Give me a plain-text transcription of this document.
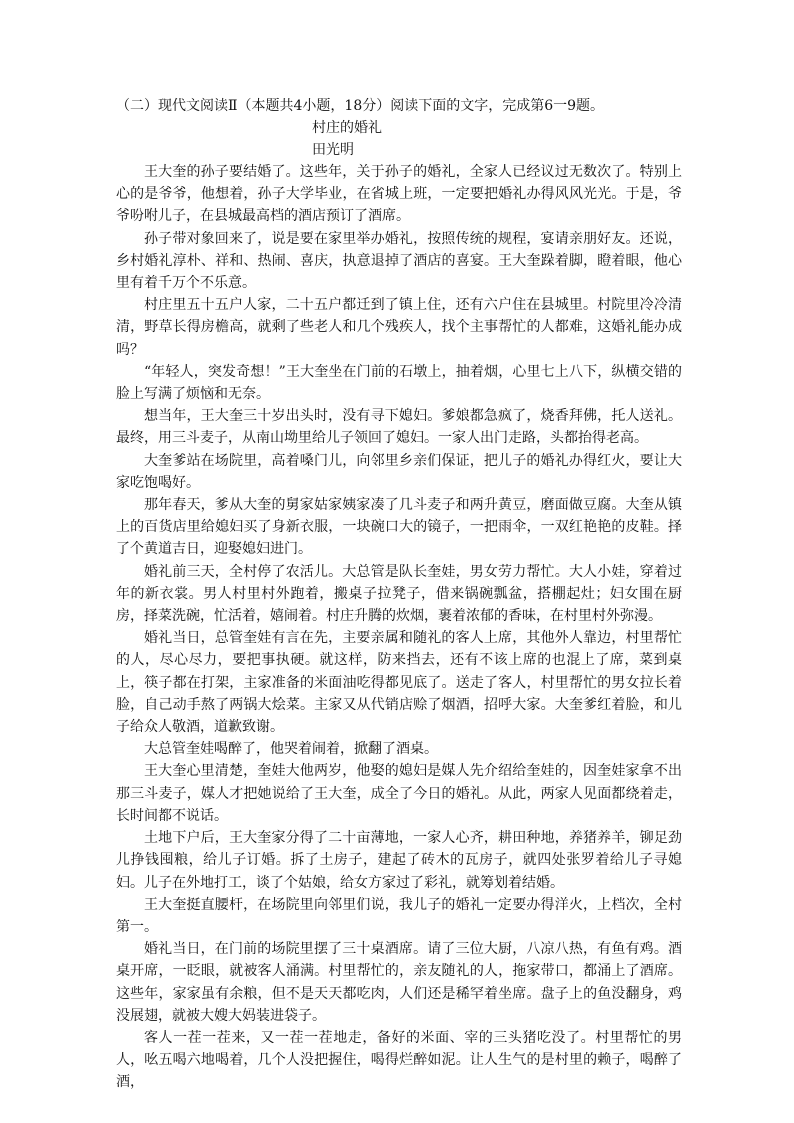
（二）现代文阅读Ⅱ（本题共4小题，18分）阅读下面的文字，完成第6一9题。

村庄的婚礼
田光明

王大奎的孙子要结婚了。这些年，关于孙子的婚礼，全家人已经议过无数次了。特别上心的是爷爷，他想着，孙子大学毕业，在省城上班，一定要把婚礼办得风风光光。于是，爷爷吩咐儿子，在县城最高档的酒店预订了酒席。

孙子带对象回来了，说是要在家里举办婚礼，按照传统的规程，宴请亲朋好友。还说，乡村婚礼淳朴、祥和、热闹、喜庆，执意退掉了酒店的喜宴。王大奎跺着脚，瞪着眼，他心里有着千万个不乐意。

村庄里五十五户人家，二十五户都迁到了镇上住，还有六户住在县城里。村院里冷冷清清，野草长得房檐高，就剩了些老人和几个残疾人，找个主事帮忙的人都难，这婚礼能办成吗？

“年轻人，突发奇想！”王大奎坐在门前的石墩上，抽着烟，心里七上八下，纵横交错的脸上写满了烦恼和无奈。

想当年，王大奎三十岁出头时，没有寻下媳妇。爹娘都急疯了，烧香拜佛，托人送礼。最终，用三斗麦子，从南山坳里给儿子领回了媳妇。一家人出门走路，头都抬得老高。

大奎爹站在场院里，高着嗓门儿，向邻里乡亲们保证，把儿子的婚礼办得红火，要让大家吃饱喝好。

那年春天，爹从大奎的舅家姑家姨家凑了几斗麦子和两升黄豆，磨面做豆腐。大奎从镇上的百货店里给媳妇买了身新衣服，一块碗口大的镜子，一把雨伞，一双红艳艳的皮鞋。择了个黄道吉日，迎娶媳妇进门。

婚礼前三天，全村停了农活儿。大总管是队长奎娃，男女劳力帮忙。大人小娃，穿着过年的新衣裳。男人村里村外跑着，搬桌子拉凳子，借来锅碗瓢盆，搭棚起灶；妇女围在厨房，择菜洗碗，忙活着，嬉闹着。村庄升腾的炊烟，裹着浓郁的香味，在村里村外弥漫。

婚礼当日，总管奎娃有言在先，主要亲属和随礼的客人上席，其他外人靠边，村里帮忙的人，尽心尽力，要把事执硬。就这样，防来挡去，还有不该上席的也混上了席，菜到桌上，筷子都在打架，主家准备的米面油吃得都见底了。送走了客人，村里帮忙的男女拉长着脸，自己动手熬了两锅大烩菜。主家又从代销店赊了烟酒，招呼大家。大奎爹红着脸，和儿子给众人敬酒，道歉致谢。

大总管奎娃喝醉了，他哭着闹着，掀翻了酒桌。

王大奎心里清楚，奎娃大他两岁，他娶的媳妇是媒人先介绍给奎娃的，因奎娃家拿不出那三斗麦子，媒人才把她说给了王大奎，成全了今日的婚礼。从此，两家人见面都绕着走，长时间都不说话。

土地下户后，王大奎家分得了二十亩薄地，一家人心齐，耕田种地，养猪养羊，铆足劲儿挣钱囤粮，给儿子订婚。拆了土房子，建起了砖木的瓦房子，就四处张罗着给儿子寻媳妇。儿子在外地打工，谈了个姑娘，给女方家过了彩礼，就筹划着结婚。

王大奎挺直腰杆，在场院里向邻里们说，我儿子的婚礼一定要办得洋火，上档次，全村第一。

婚礼当日，在门前的场院里摆了三十桌酒席。请了三位大厨，八凉八热，有鱼有鸡。酒桌开席，一眨眼，就被客人涌满。村里帮忙的，亲友随礼的人，拖家带口，都涌上了酒席。这些年，家家虽有余粮，但不是天天都吃肉，人们还是稀罕着坐席。盘子上的鱼没翻身，鸡没展翅，就被大嫂大妈装进袋子。

客人一茬一茬来，又一茬一茬地走，备好的米面、宰的三头猪吃没了。村里帮忙的男人，吆五喝六地喝着，几个人没把握住，喝得烂醉如泥。让人生气的是村里的赖子，喝醉了酒，
